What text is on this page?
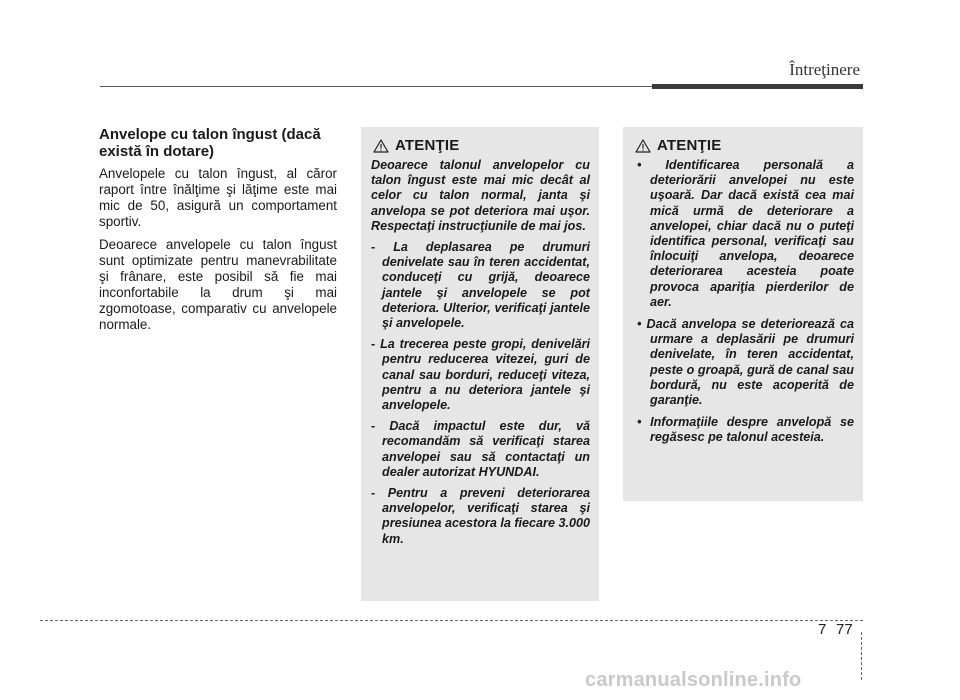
Întreţinere
Anvelope cu talon îngust (dacă există în dotare)

Anvelopele cu talon îngust, al căror raport între înălţime şi lăţime este mai mic de 50, asigură un comportament sportiv.

Deoarece anvelopele cu talon îngust sunt optimizate pentru manevrabilitate şi frânare, este posibil să fie mai inconfortabile la drum şi mai zgomotoase, comparativ cu anvelopele normale.

ATENŢIE

Deoarece talonul anvelopelor cu talon îngust este mai mic decât al celor cu talon normal, janta şi anvelopa se pot deteriora mai uşor. Respectaţi instrucţiunile de mai jos.

- La deplasarea pe drumuri denivelate sau în teren accidentat, conduceţi cu grijă, deoarece jantele şi anvelopele se pot deteriora. Ulterior, verificaţi jantele şi anvelopele.

- La trecerea peste gropi, denivelări pentru reducerea vitezei, guri de canal sau borduri, reduceţi viteza, pentru a nu deteriora jantele şi anvelopele.

- Dacă impactul este dur, vă recomandăm să verificaţi starea anvelopei sau să contactaţi un dealer autorizat HYUNDAI.

- Pentru a preveni deteriorarea anvelopelor, verificaţi starea şi presiunea acestora la fiecare 3.000 km.

ATENŢIE

• Identificarea personală a deteriorării anvelopei nu este uşoară. Dar dacă există cea mai mică urmă de deteriorare a anvelopei, chiar dacă nu o puteţi identifica personal, verificaţi sau înlocuiţi anvelopa, deoarece deteriorarea acesteia poate provoca apariţia pierderilor de aer.

• Dacă anvelopa se deteriorează ca urmare a deplasării pe drumuri denivelate, în teren accidentat, peste o groapă, gură de canal sau bordură, nu este acoperită de garanţie.

• Informaţiile despre anvelopă se regăsesc pe talonul acesteia.

7 77
carmanualsonline.info
